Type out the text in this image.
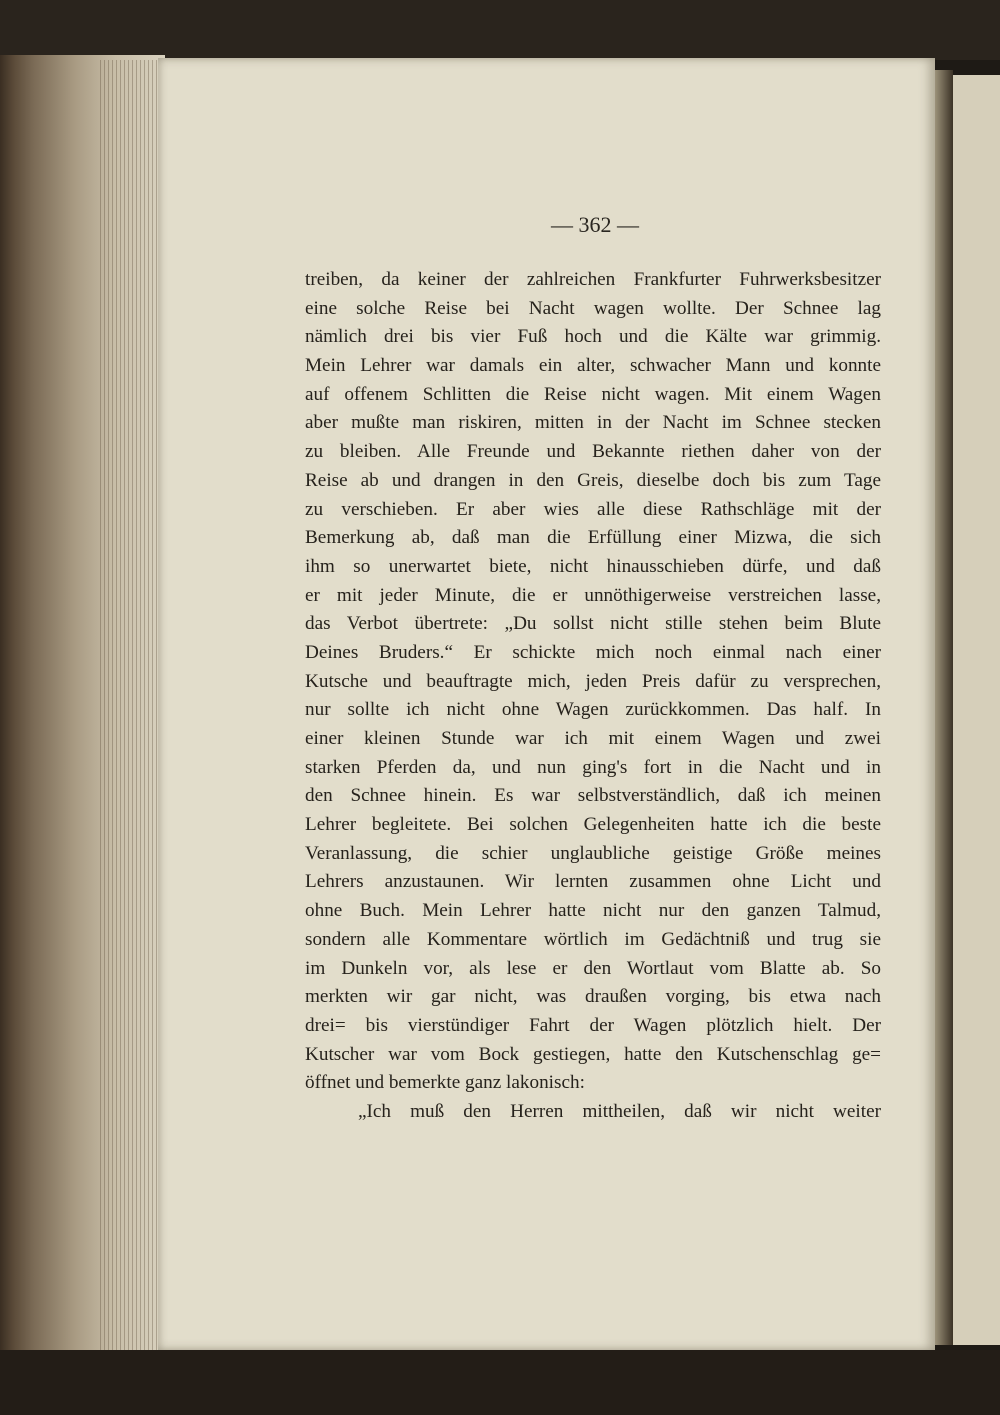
— 362 —
treiben, da keiner der zahlreichen Frankfurter Fuhrwerksbesitzer
eine solche Reise bei Nacht wagen wollte. Der Schnee lag
nämlich drei bis vier Fuß hoch und die Kälte war grimmig.
Mein Lehrer war damals ein alter, schwacher Mann und konnte
auf offenem Schlitten die Reise nicht wagen. Mit einem Wagen
aber mußte man riskiren, mitten in der Nacht im Schnee stecken
zu bleiben. Alle Freunde und Bekannte riethen daher von der
Reise ab und drangen in den Greis, dieselbe doch bis zum Tage
zu verschieben. Er aber wies alle diese Rathschläge mit der
Bemerkung ab, daß man die Erfüllung einer Mizwa, die sich
ihm so unerwartet biete, nicht hinausschieben dürfe, und daß
er mit jeder Minute, die er unnöthigerweise verstreichen lasse,
das Verbot übertrete: „Du sollst nicht stille stehen beim Blute
Deines Bruders.“ Er schickte mich noch einmal nach einer
Kutsche und beauftragte mich, jeden Preis dafür zu versprechen,
nur sollte ich nicht ohne Wagen zurückkommen. Das half. In
einer kleinen Stunde war ich mit einem Wagen und zwei
starken Pferden da, und nun ging's fort in die Nacht und in
den Schnee hinein. Es war selbstverständlich, daß ich meinen
Lehrer begleitete. Bei solchen Gelegenheiten hatte ich die beste
Veranlassung, die schier unglaubliche geistige Größe meines
Lehrers anzustaunen. Wir lernten zusammen ohne Licht und
ohne Buch. Mein Lehrer hatte nicht nur den ganzen Talmud,
sondern alle Kommentare wörtlich im Gedächtniß und trug sie
im Dunkeln vor, als lese er den Wortlaut vom Blatte ab. So
merkten wir gar nicht, was draußen vorging, bis etwa nach
drei= bis vierstündiger Fahrt der Wagen plötzlich hielt. Der
Kutscher war vom Bock gestiegen, hatte den Kutschenschlag ge=
öffnet und bemerkte ganz lakonisch:
„Ich muß den Herren mittheilen, daß wir nicht weiter
